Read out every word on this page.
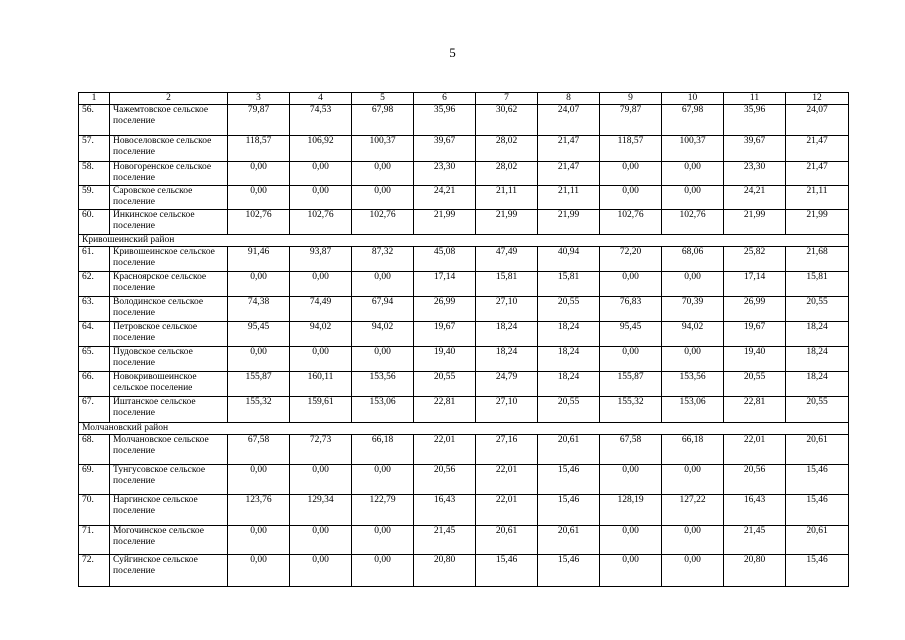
5
1	2	3	4	5	6	7	8	9	10	11	12
56.	Чажемтовское сельское поселение	79,87	74,53	67,98	35,96	30,62	24,07	79,87	67,98	35,96	24,07
57.	Новоселовское сельское поселение	118,57	106,92	100,37	39,67	28,02	21,47	118,57	100,37	39,67	21,47
58.	Новогоренское сельское поселение	0,00	0,00	0,00	23,30	28,02	21,47	0,00	0,00	23,30	21,47
59.	Саровское сельское поселение	0,00	0,00	0,00	24,21	21,11	21,11	0,00	0,00	24,21	21,11
60.	Инкинское сельское поселение	102,76	102,76	102,76	21,99	21,99	21,99	102,76	102,76	21,99	21,99
Кривошеинский район											
61.	Кривошеинское сельское поселение	91,46	93,87	87,32	45,08	47,49	40,94	72,20	68,06	25,82	21,68
62.	Красноярское сельское поселение	0,00	0,00	0,00	17,14	15,81	15,81	0,00	0,00	17,14	15,81
63.	Володинское сельское поселение	74,38	74,49	67,94	26,99	27,10	20,55	76,83	70,39	26,99	20,55
64.	Петровское сельское поселение	95,45	94,02	94,02	19,67	18,24	18,24	95,45	94,02	19,67	18,24
65.	Пудовское сельское поселение	0,00	0,00	0,00	19,40	18,24	18,24	0,00	0,00	19,40	18,24
66.	Новокривошеинское сельское поселение	155,87	160,11	153,56	20,55	24,79	18,24	155,87	153,56	20,55	18,24
67.	Иштанское сельское поселение	155,32	159,61	153,06	22,81	27,10	20,55	155,32	153,06	22,81	20,55
Молчановский район											
68.	Молчановское сельское поселение	67,58	72,73	66,18	22,01	27,16	20,61	67,58	66,18	22,01	20,61
69.	Тунгусовское сельское поселение	0,00	0,00	0,00	20,56	22,01	15,46	0,00	0,00	20,56	15,46
70.	Наргинское сельское поселение	123,76	129,34	122,79	16,43	22,01	15,46	128,19	127,22	16,43	15,46
71.	Могочинское сельское поселение	0,00	0,00	0,00	21,45	20,61	20,61	0,00	0,00	21,45	20,61
72.	Суйгинское сельское поселение	0,00	0,00	0,00	20,80	15,46	15,46	0,00	0,00	20,80	15,46
